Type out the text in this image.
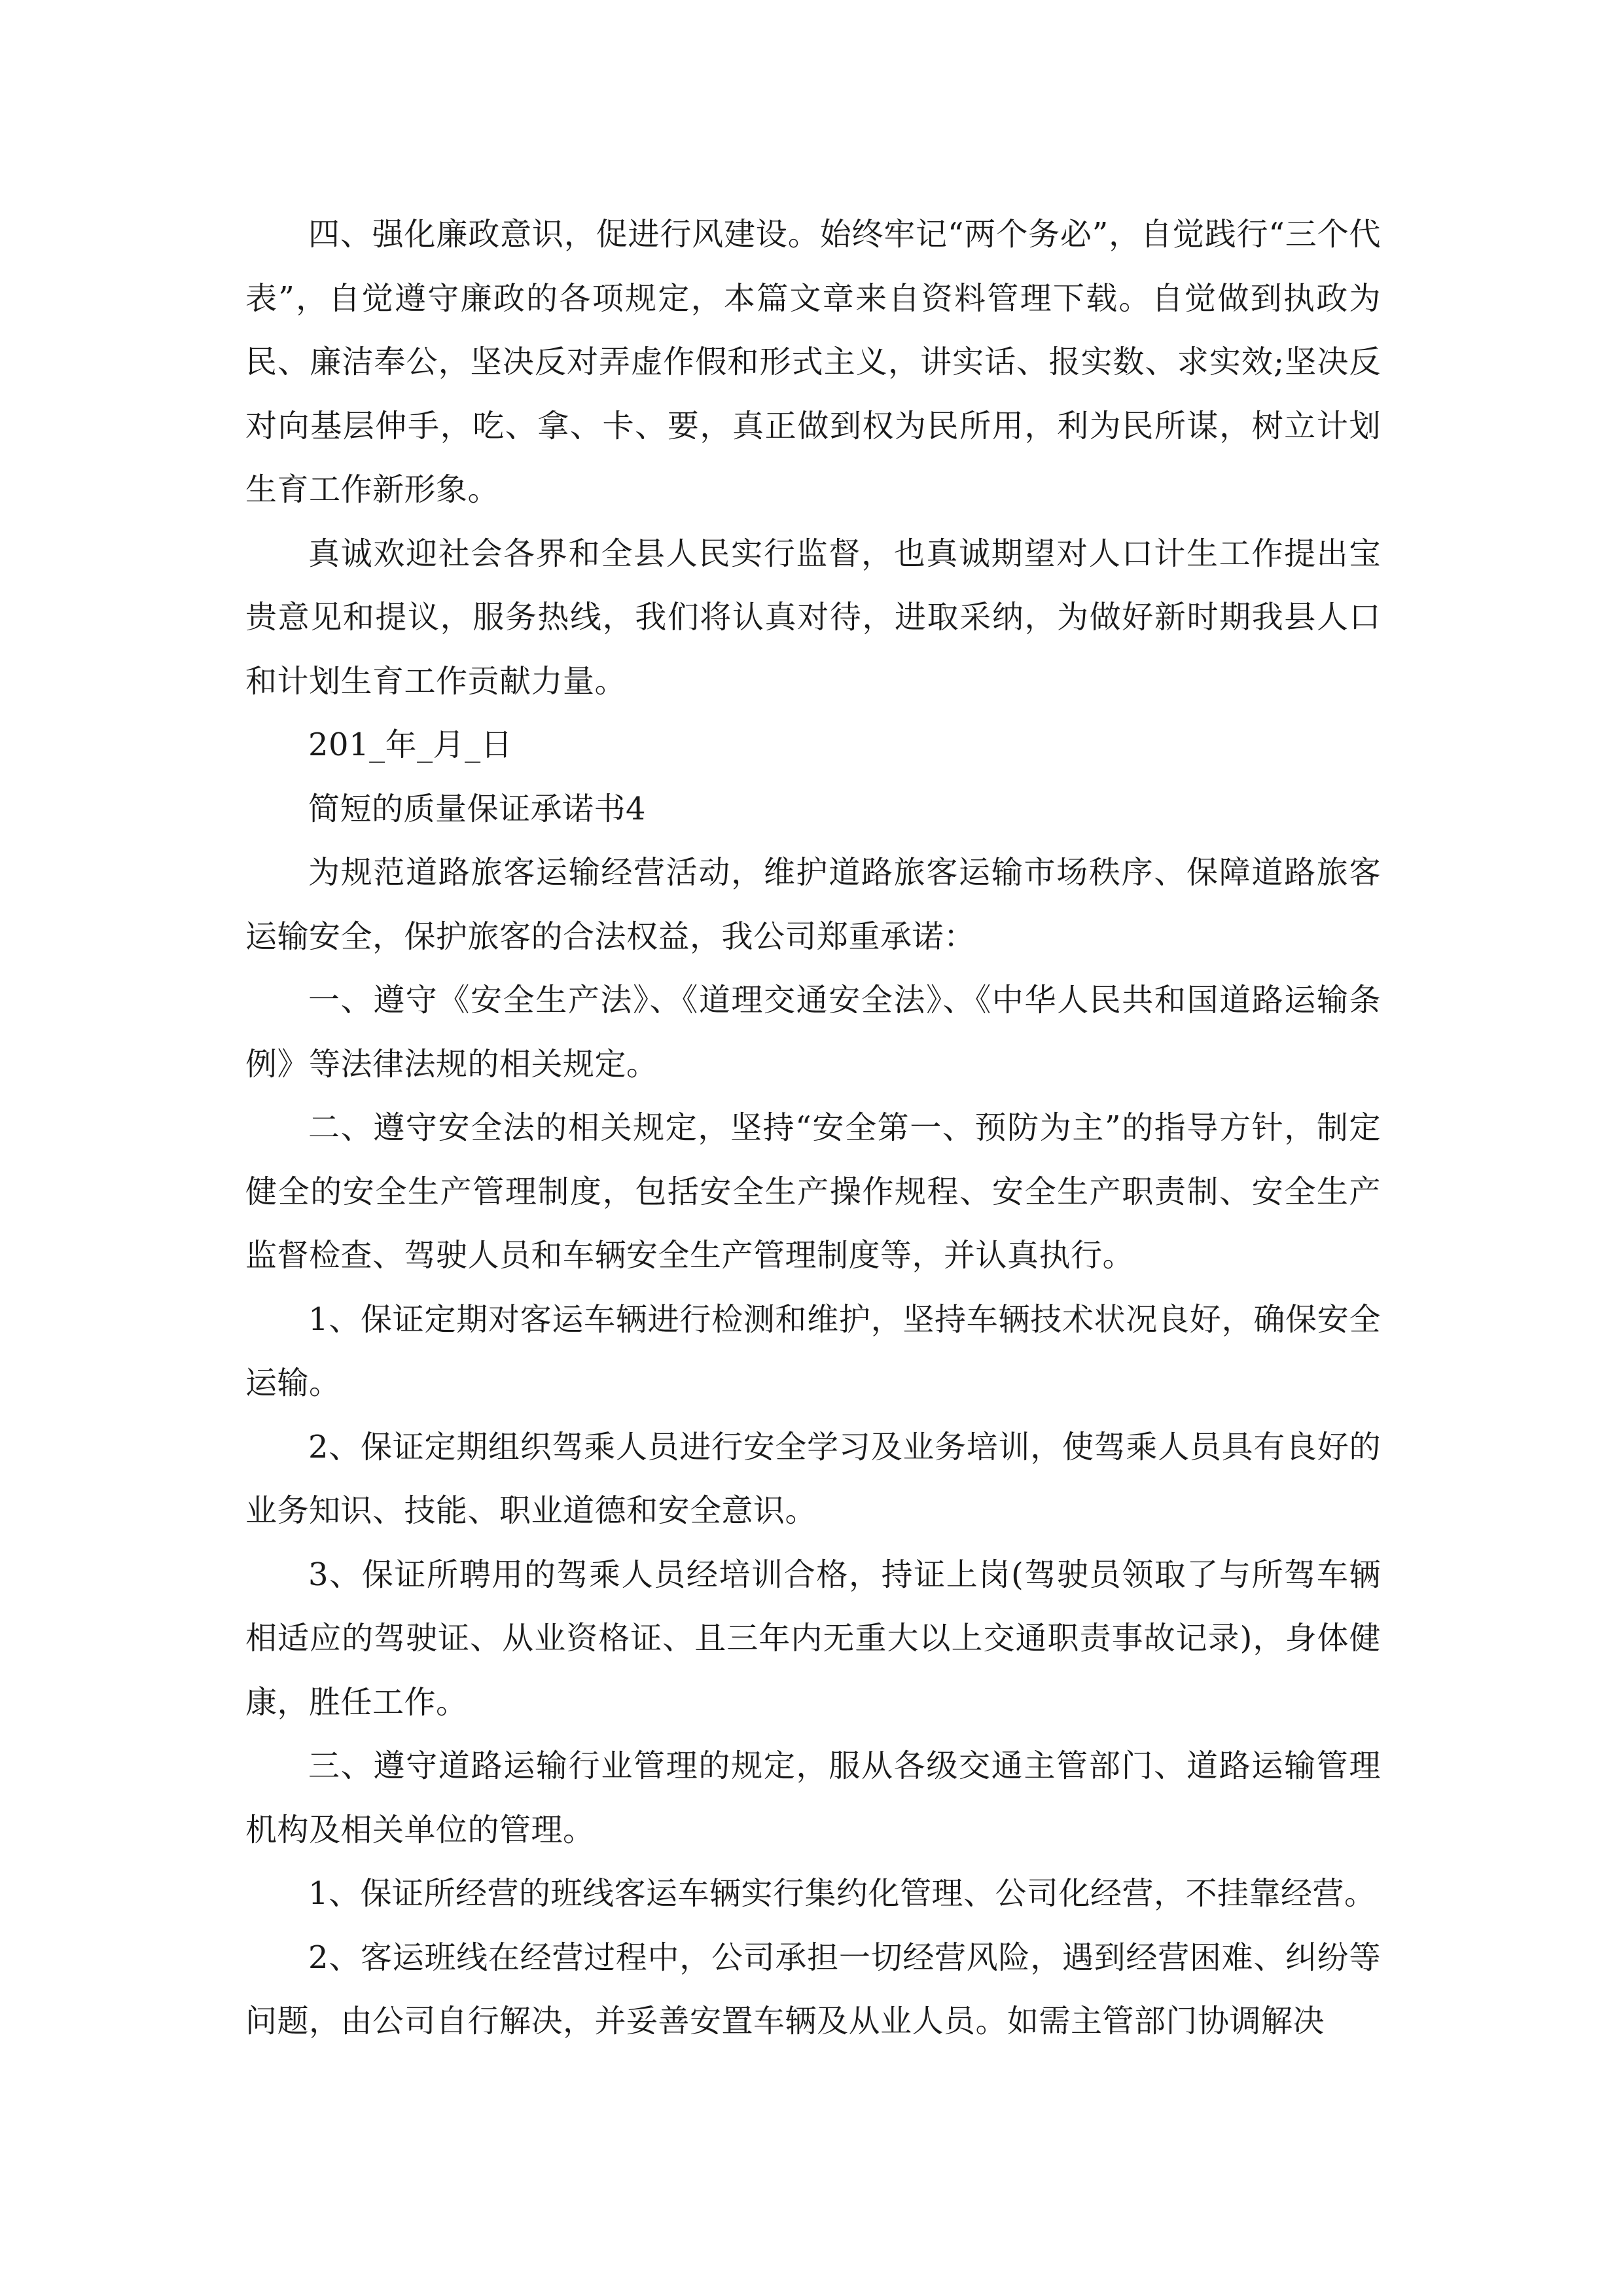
四、强化廉政意识，促进行风建设。始终牢记“两个务必”，自觉践行“三个代表”，自觉遵守廉政的各项规定，本篇文章来自资料管理下载。自觉做到执政为民、廉洁奉公，坚决反对弄虚作假和形式主义，讲实话、报实数、求实效;坚决反对向基层伸手，吃、拿、卡、要，真正做到权为民所用，利为民所谋，树立计划生育工作新形象。

真诚欢迎社会各界和全县人民实行监督，也真诚期望对人口计生工作提出宝贵意见和提议，服务热线，我们将认真对待，进取采纳，为做好新时期我县人口和计划生育工作贡献力量。

201_年_月_日

简短的质量保证承诺书4

为规范道路旅客运输经营活动，维护道路旅客运输市场秩序、保障道路旅客运输安全，保护旅客的合法权益，我公司郑重承诺：

一、遵守《安全生产法》、《道理交通安全法》、《中华人民共和国道路运输条例》等法律法规的相关规定。

二、遵守安全法的相关规定，坚持“安全第一、预防为主”的指导方针，制定健全的安全生产管理制度，包括安全生产操作规程、安全生产职责制、安全生产监督检查、驾驶人员和车辆安全生产管理制度等，并认真执行。

1、保证定期对客运车辆进行检测和维护，坚持车辆技术状况良好，确保安全运输。

2、保证定期组织驾乘人员进行安全学习及业务培训，使驾乘人员具有良好的业务知识、技能、职业道德和安全意识。

3、保证所聘用的驾乘人员经培训合格，持证上岗(驾驶员领取了与所驾车辆相适应的驾驶证、从业资格证、且三年内无重大以上交通职责事故记录)，身体健康，胜任工作。

三、遵守道路运输行业管理的规定，服从各级交通主管部门、道路运输管理机构及相关单位的管理。

1、保证所经营的班线客运车辆实行集约化管理、公司化经营，不挂靠经营。

2、客运班线在经营过程中，公司承担一切经营风险，遇到经营困难、纠纷等问题，由公司自行解决，并妥善安置车辆及从业人员。如需主管部门协调解决
